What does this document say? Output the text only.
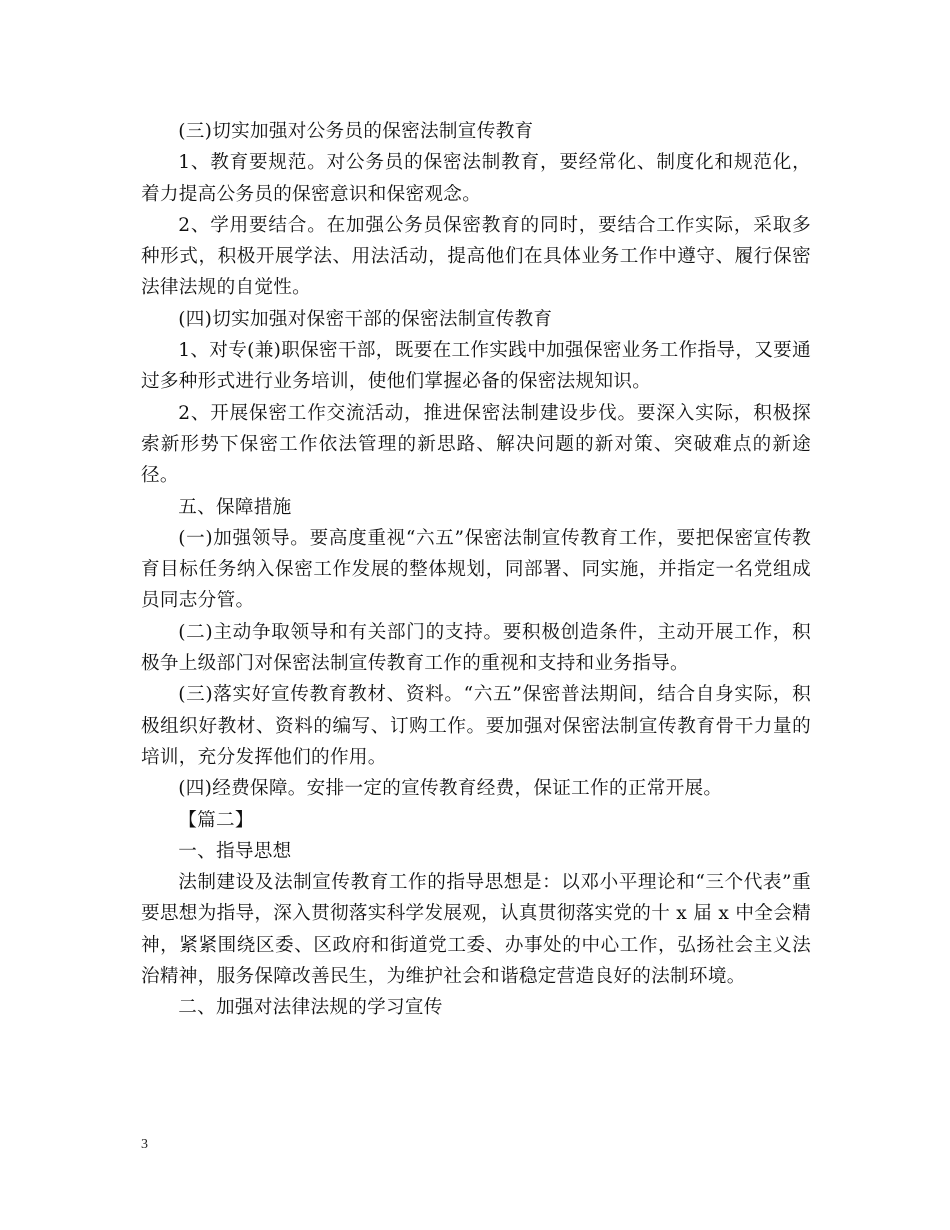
(三)切实加强对公务员的保密法制宣传教育

1、教育要规范。对公务员的保密法制教育，要经常化、制度化和规范化，着力提高公务员的保密意识和保密观念。

2、学用要结合。在加强公务员保密教育的同时，要结合工作实际，采取多种形式，积极开展学法、用法活动，提高他们在具体业务工作中遵守、履行保密法律法规的自觉性。

(四)切实加强对保密干部的保密法制宣传教育

1、对专(兼)职保密干部，既要在工作实践中加强保密业务工作指导，又要通过多种形式进行业务培训，使他们掌握必备的保密法规知识。

2、开展保密工作交流活动，推进保密法制建设步伐。要深入实际，积极探索新形势下保密工作依法管理的新思路、解决问题的新对策、突破难点的新途径。

五、保障措施

(一)加强领导。要高度重视“六五”保密法制宣传教育工作，要把保密宣传教育目标任务纳入保密工作发展的整体规划，同部署、同实施，并指定一名党组成员同志分管。

(二)主动争取领导和有关部门的支持。要积极创造条件，主动开展工作，积极争上级部门对保密法制宣传教育工作的重视和支持和业务指导。

(三)落实好宣传教育教材、资料。“六五”保密普法期间，结合自身实际，积极组织好教材、资料的编写、订购工作。要加强对保密法制宣传教育骨干力量的培训，充分发挥他们的作用。

(四)经费保障。安排一定的宣传教育经费，保证工作的正常开展。

【篇二】

一、指导思想

法制建设及法制宣传教育工作的指导思想是：以邓小平理论和“三个代表”重要思想为指导，深入贯彻落实科学发展观，认真贯彻落实党的十 x 届 x 中全会精神，紧紧围绕区委、区政府和街道党工委、办事处的中心工作，弘扬社会主义法治精神，服务保障改善民生，为维护社会和谐稳定营造良好的法制环境。

二、加强对法律法规的学习宣传

3
